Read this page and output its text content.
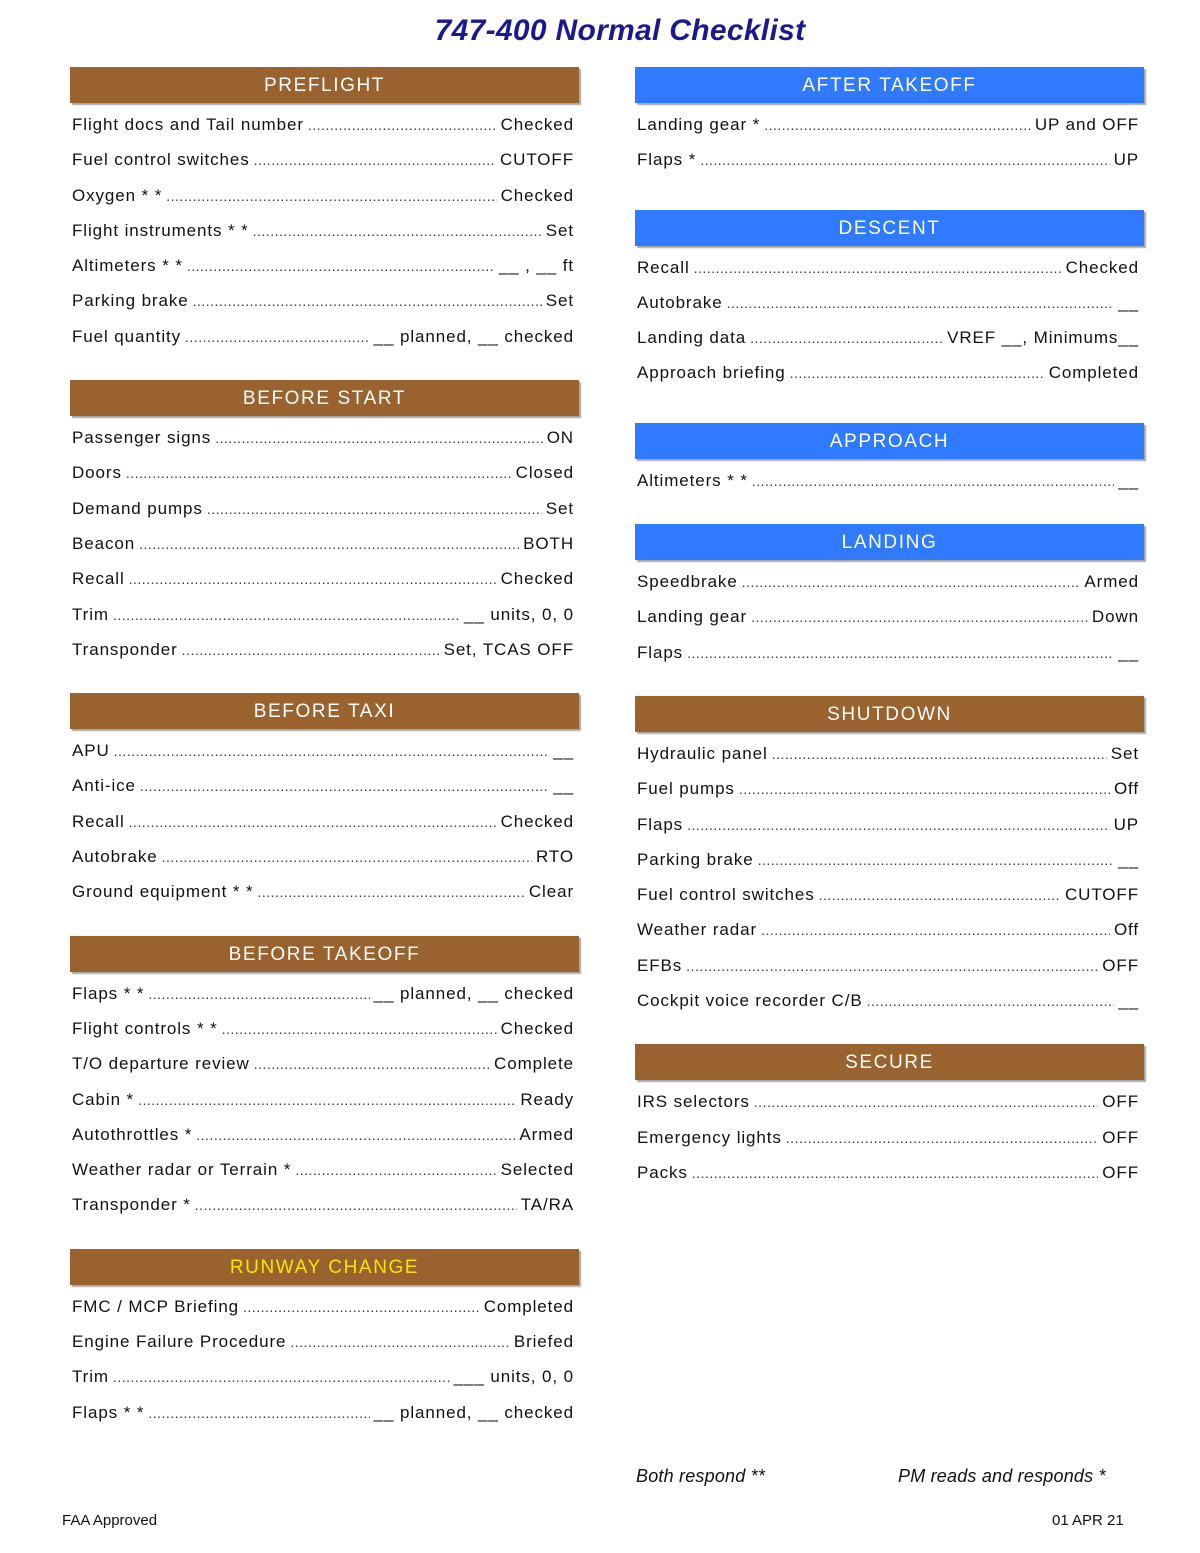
747-400 Normal Checklist
PREFLIGHT
Flight docs and Tail number .....	Checked
Fuel control switches .....	CUTOFF
Oxygen * * .....	Checked
Flight instruments * * .....	Set
Altimeters * * .....	__ , __ ft
Parking brake .....	Set
Fuel quantity .....	__ planned, __ checked
BEFORE START
Passenger signs .....	ON
Doors .....	Closed
Demand pumps .....	Set
Beacon .....	BOTH
Recall .....	Checked
Trim .....	__ units, 0, 0
Transponder .....	Set, TCAS OFF
BEFORE TAXI
APU .....	__
Anti-ice .....	__
Recall .....	Checked
Autobrake .....	RTO
Ground equipment * * .....	Clear
BEFORE TAKEOFF
Flaps * * .....	__ planned, __ checked
Flight controls * * .....	Checked
T/O departure review .....	Complete
Cabin * .....	Ready
Autothrottles * .....	Armed
Weather radar or Terrain * .....	Selected
Transponder * .....	TA/RA
RUNWAY CHANGE
FMC / MCP Briefing .....	Completed
Engine Failure Procedure .....	Briefed
Trim .....	___ units, 0, 0
Flaps * * .....	__ planned, __ checked
AFTER TAKEOFF
Landing gear * .....	UP and OFF
Flaps * .....	UP
DESCENT
Recall .....	Checked
Autobrake .....	__
Landing data .....	VREF __, Minimums__
Approach briefing .....	Completed
APPROACH
Altimeters * * .....	__
LANDING
Speedbrake .....	Armed
Landing gear .....	Down
Flaps .....	__
SHUTDOWN
Hydraulic panel .....	Set
Fuel pumps .....	Off
Flaps .....	UP
Parking brake .....	__
Fuel control switches .....	CUTOFF
Weather radar .....	Off
EFBs .....	OFF
Cockpit voice recorder C/B .....	__
SECURE
IRS selectors .....	OFF
Emergency lights .....	OFF
Packs .....	OFF
Both respond **	PM reads and responds *
FAA Approved	01 APR 21
